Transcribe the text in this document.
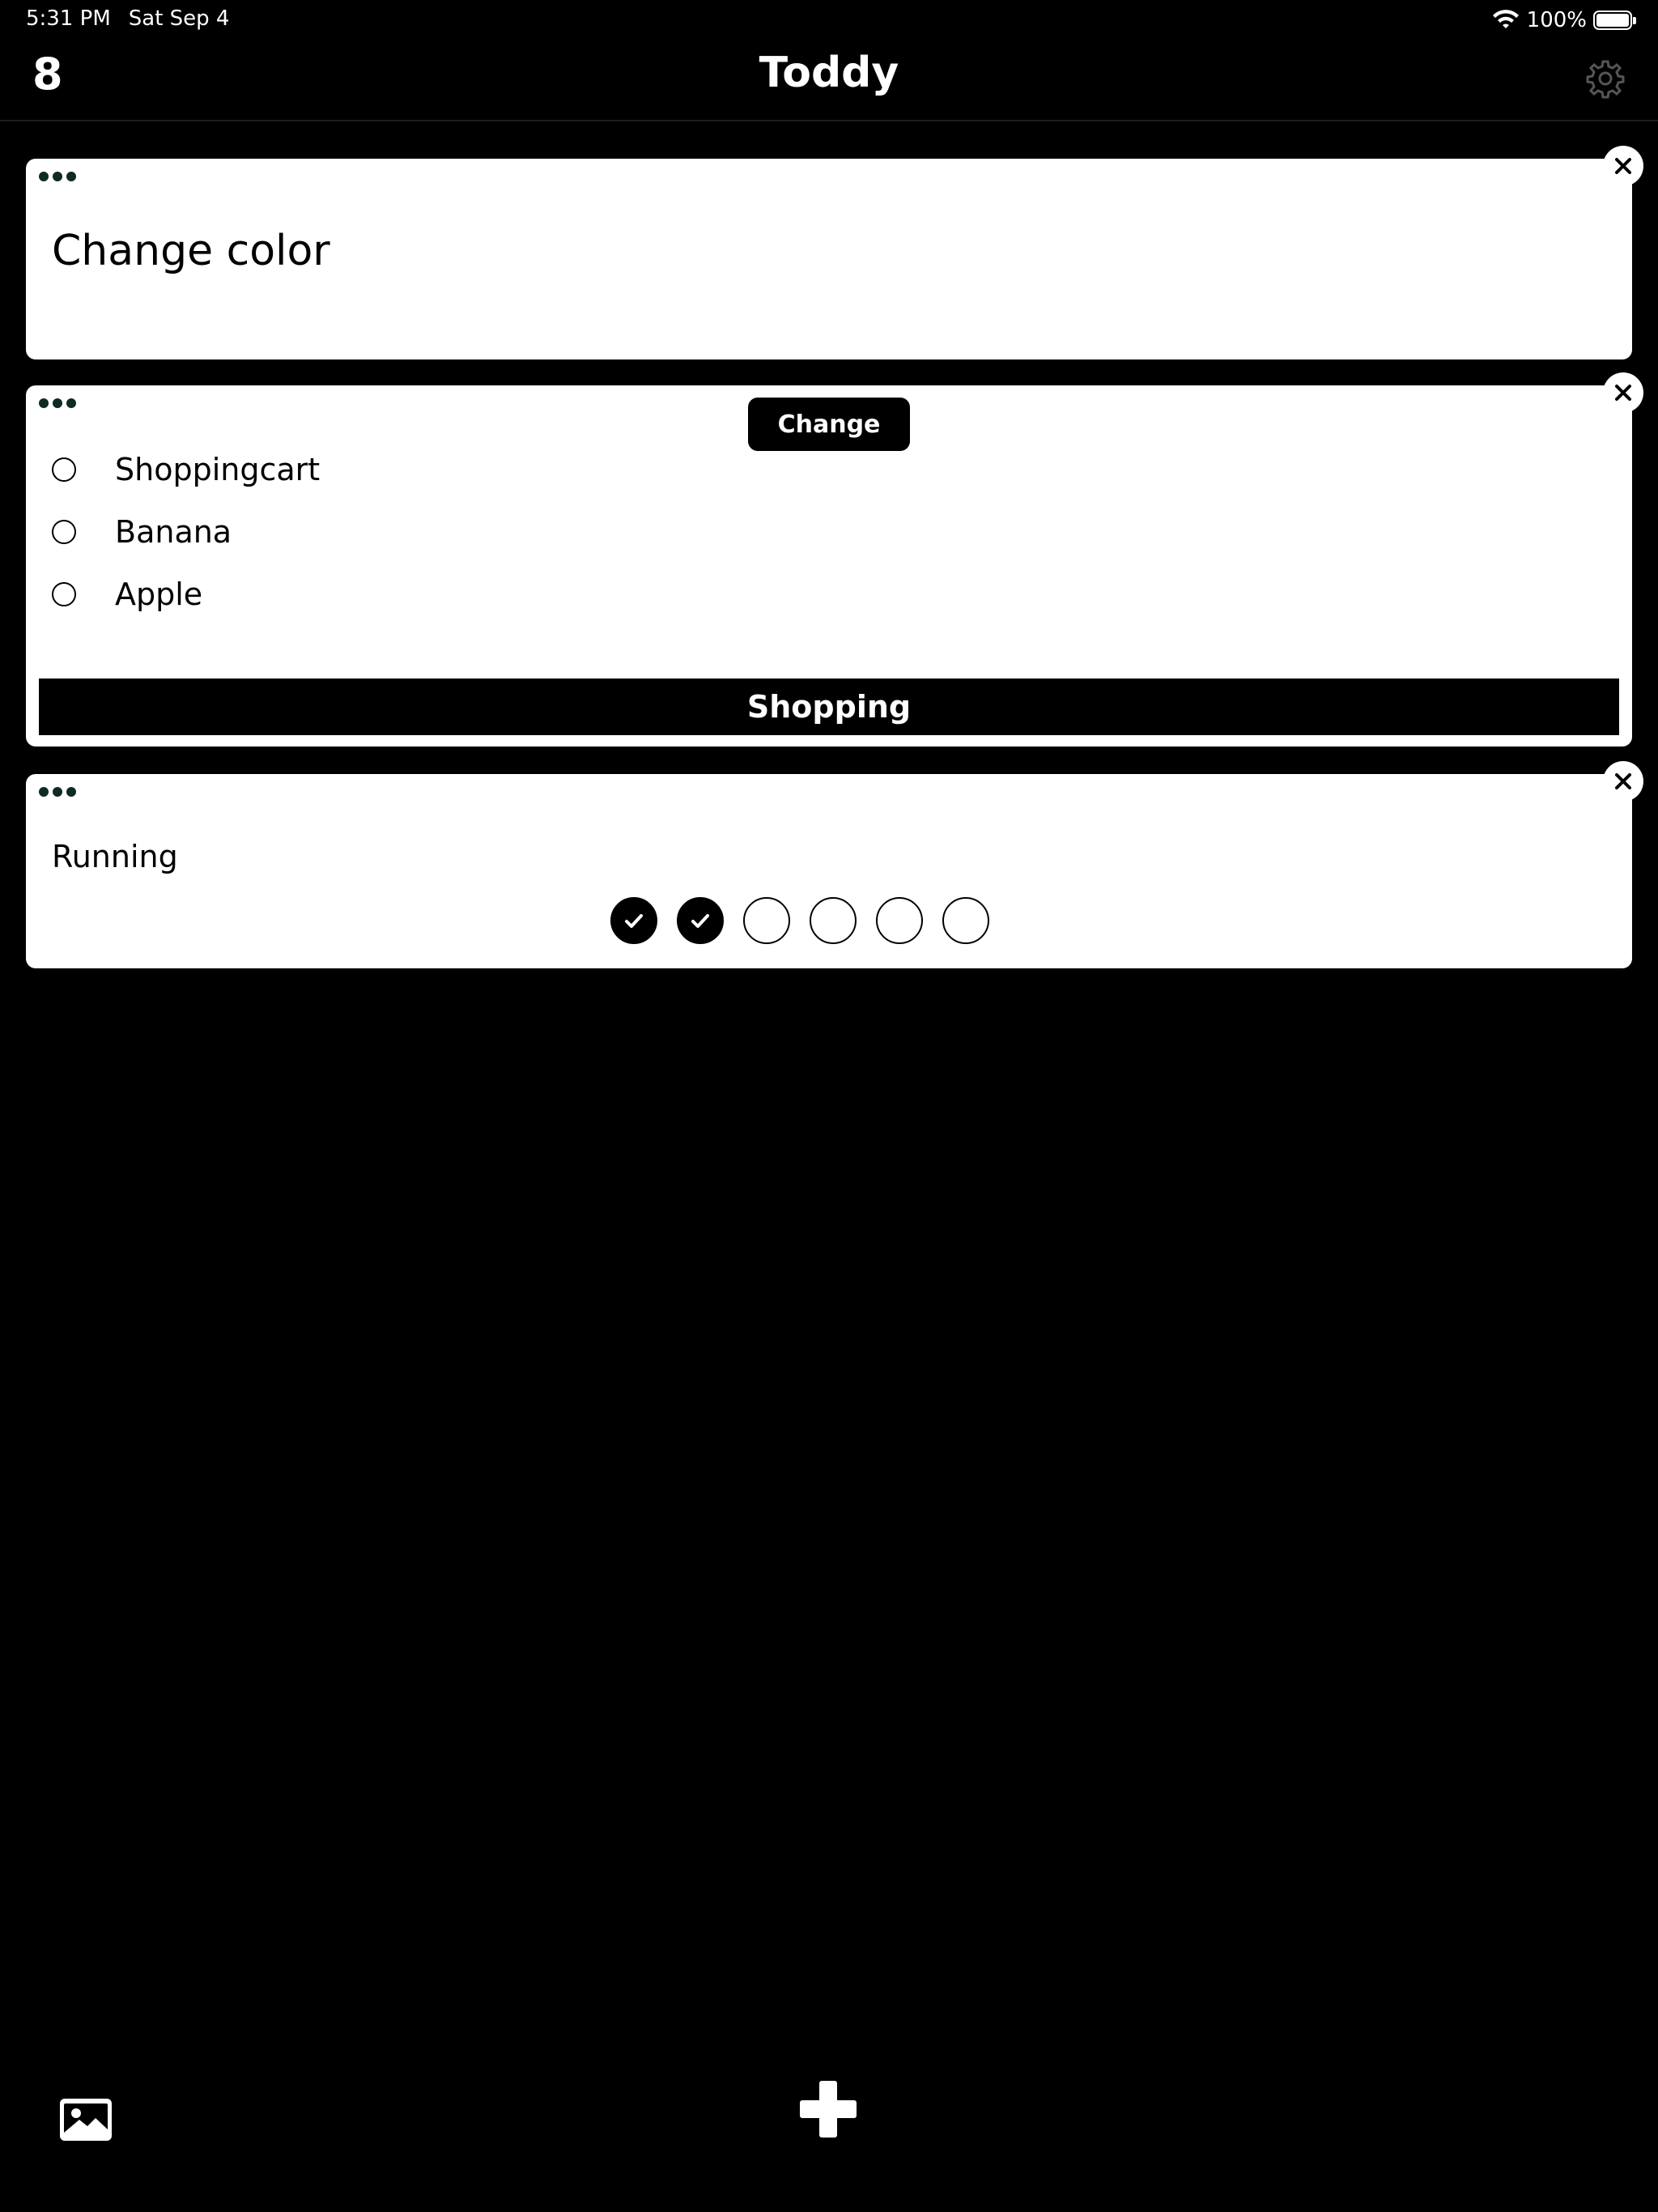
5:31 PM Sat Sep 4	100%
8	Toddy
Change color
Change
Shoppingcart
Banana
Apple
Shopping
Running
